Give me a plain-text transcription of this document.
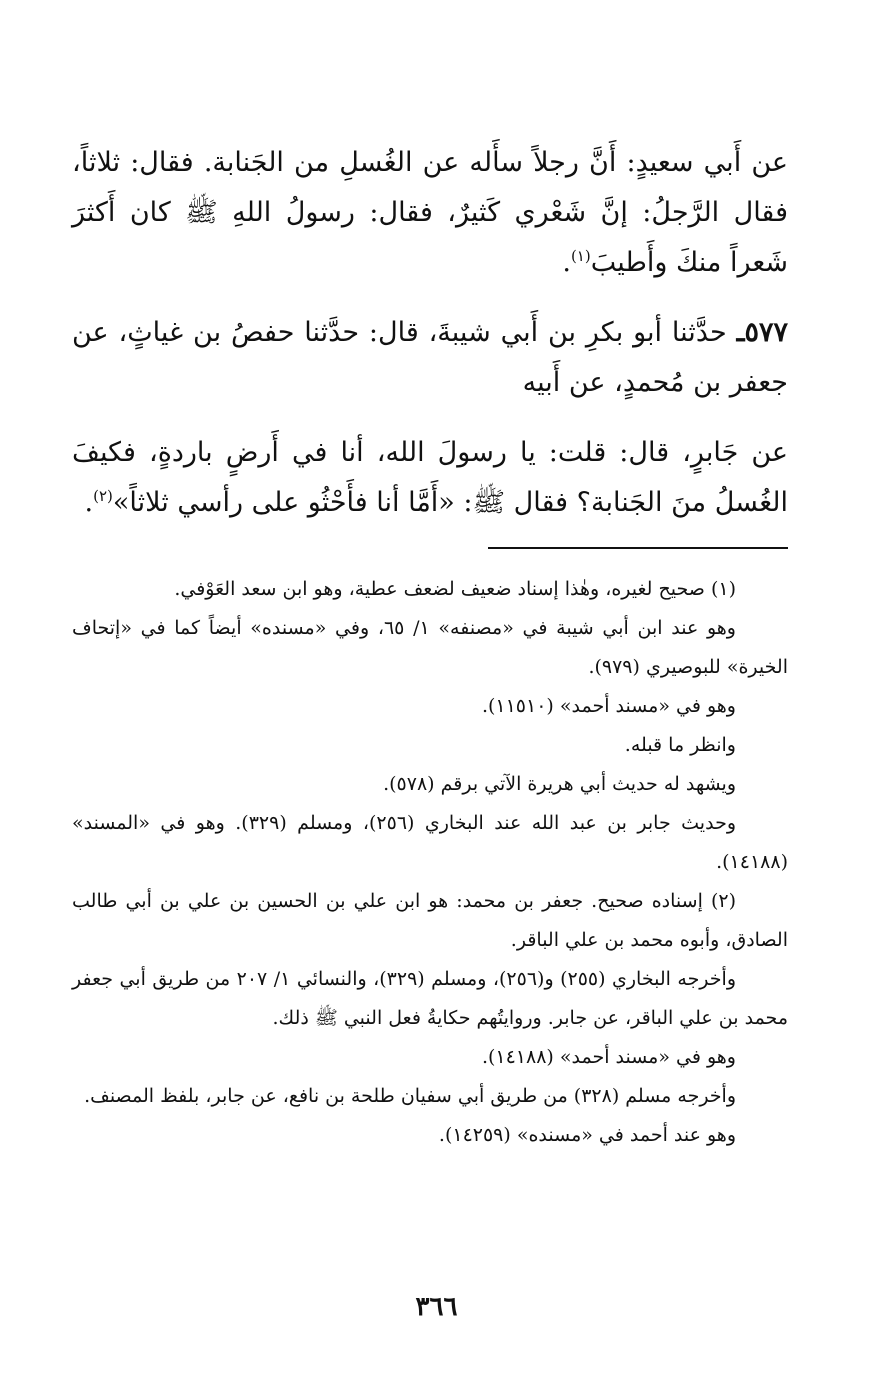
عن أَبي سعيدٍ: أَنَّ رجلاً سأَله عن الغُسلِ من الجَنابة. فقال: ثلاثاً، فقال الرَّجلُ: إنَّ شَعْري كَثيرٌ، فقال: رسولُ اللهِ ﷺ كان أَكثرَ شَعراً منكَ وأَطيبَ$^{(١)}$.

٥٧٧ـ حدَّثنا أبو بكرِ بن أَبي شيبةَ، قال: حدَّثنا حفصُ بن غياثٍ، عن جعفر بن مُحمدٍ، عن أَبيه

عن جَابرٍ، قال: قلت: يا رسولَ الله، أنا في أَرضٍ باردةٍ، فكيفَ الغُسلُ منَ الجَنابة؟ فقال ﷺ: «أَمَّا أنا فأَحْثُو على رأسي ثلاثاً»$^{(٢)}$.

(١) صحيح لغيره، وهٰذا إسناد ضعيف لضعف عطية، وهو ابن سعد العَوْفي.

وهو عند ابن أبي شيبة في «مصنفه» ١/ ٦٥، وفي «مسنده» أيضاً كما في «إتحاف الخيرة» للبوصيري (٩٧٩).

وهو في «مسند أحمد» (١١٥١٠).

وانظر ما قبله.

ويشهد له حديث أبي هريرة الآتي برقم (٥٧٨).

وحديث جابر بن عبد الله عند البخاري (٢٥٦)، ومسلم (٣٢٩). وهو في «المسند» (١٤١٨٨).

(٢) إسناده صحيح. جعفر بن محمد: هو ابن علي بن الحسين بن علي بن أبي طالب الصادق، وأبوه محمد بن علي الباقر.

وأخرجه البخاري (٢٥٥) و(٢٥٦)، ومسلم (٣٢٩)، والنسائي ١/ ٢٠٧ من طريق أبي جعفر محمد بن علي الباقر، عن جابر. وروايتُهم حكايةُ فعل النبي ﷺ ذلك.

وهو في «مسند أحمد» (١٤١٨٨).

وأخرجه مسلم (٣٢٨) من طريق أبي سفيان طلحة بن نافع، عن جابر، بلفظ المصنف.

وهو عند أحمد في «مسنده» (١٤٢٥٩).

٣٦٦
